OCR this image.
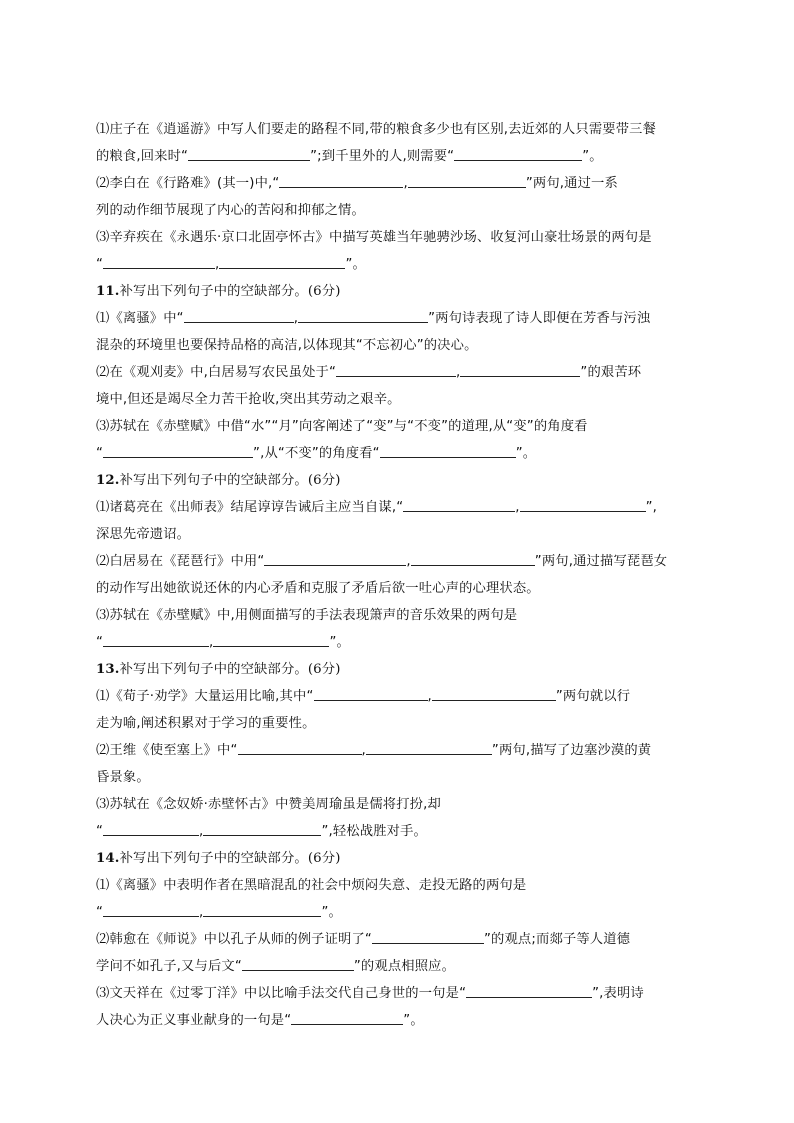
⑴庄子在《逍遥游》中写人们要走的路程不同,带的粮食多少也有区别,去近郊的人只需要带三餐
的粮食,回来时“	”;到千里外的人,则需要“	”。
⑵李白在《行路难》(其一)中,“	,	”两句,通过一系
列的动作细节展现了内心的苦闷和抑郁之情。
⑶辛弃疾在《永遇乐·京口北固亭怀古》中描写英雄当年驰骋沙场、收复河山豪壮场景的两句是
“	,	”。
11.补写出下列句子中的空缺部分。(6分)
⑴《离骚》中“	,	”两句诗表现了诗人即便在芳香与污浊
混杂的环境里也要保持品格的高洁,以体现其“不忘初心”的决心。
⑵在《观刈麦》中,白居易写农民虽处于“	,	”的艰苦环
境中,但还是竭尽全力苦干抢收,突出其劳动之艰辛。
⑶苏轼在《赤壁赋》中借“水”“月”向客阐述了“变”与“不变”的道理,从“变”的角度看
“	”,从“不变”的角度看“	”。
12.补写出下列句子中的空缺部分。(6分)
⑴诸葛亮在《出师表》结尾谆谆告诫后主应当自谋,“	,	”,
深思先帝遗诏。
⑵白居易在《琵琶行》中用“	,	”两句,通过描写琵琶女
的动作写出她欲说还休的内心矛盾和克服了矛盾后欲一吐心声的心理状态。
⑶苏轼在《赤壁赋》中,用侧面描写的手法表现箫声的音乐效果的两句是
“	,	”。
13.补写出下列句子中的空缺部分。(6分)
⑴《荀子·劝学》大量运用比喻,其中“	,	”两句就以行
走为喻,阐述积累对于学习的重要性。
⑵王维《使至塞上》中“	,	”两句,描写了边塞沙漠的黄
昏景象。
⑶苏轼在《念奴娇·赤壁怀古》中赞美周瑜虽是儒将打扮,却
“	,	”,轻松战胜对手。
14.补写出下列句子中的空缺部分。(6分)
⑴《离骚》中表明作者在黑暗混乱的社会中烦闷失意、走投无路的两句是
“	,	”。
⑵韩愈在《师说》中以孔子从师的例子证明了“	”的观点;而郯子等人道德
学问不如孔子,又与后文“	”的观点相照应。
⑶文天祥在《过零丁洋》中以比喻手法交代自己身世的一句是“	”,表明诗
人决心为正义事业献身的一句是“	”。
